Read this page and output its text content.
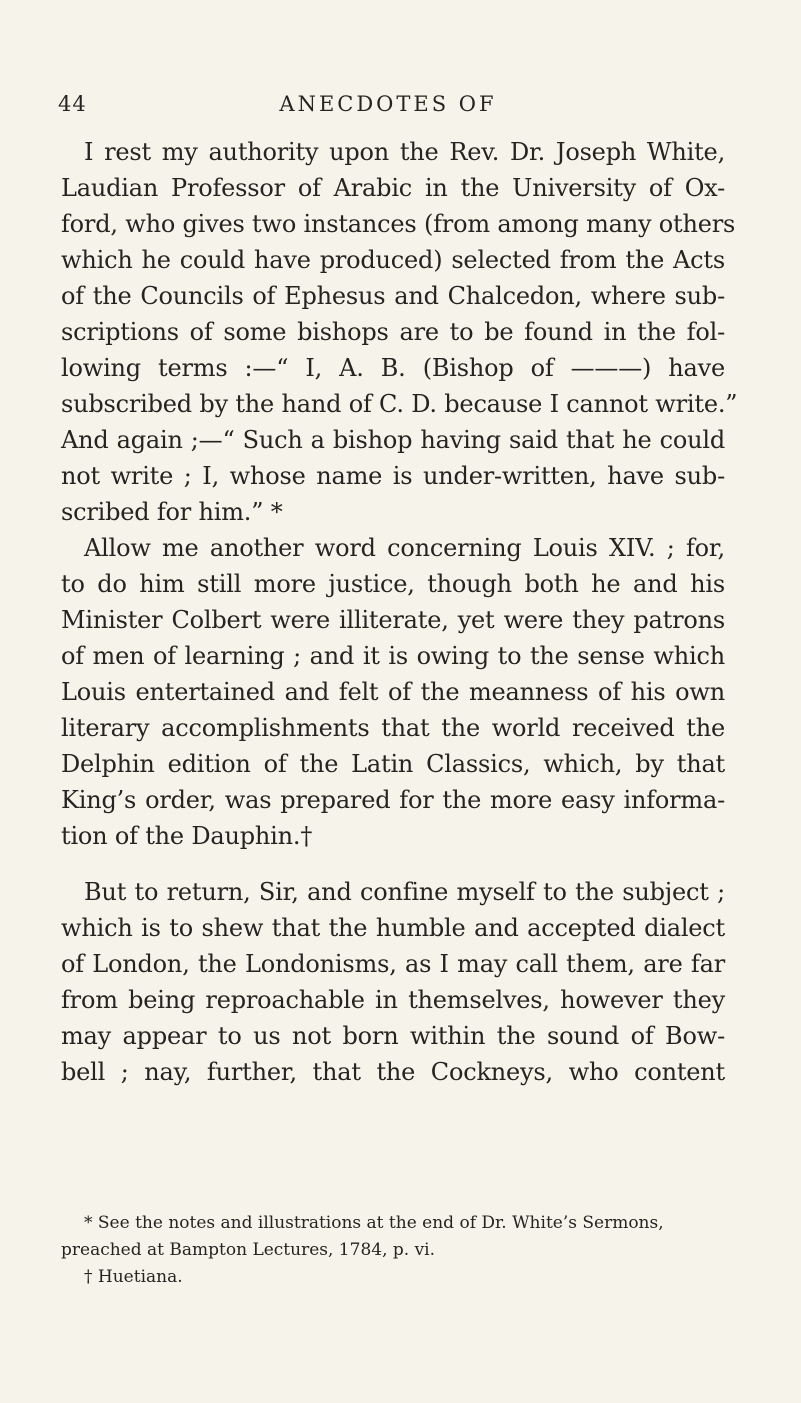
44	ANECDOTES OF
I rest my authority upon the Rev. Dr. Joseph White,
Laudian Professor of Arabic in the University of Ox-
ford, who gives two instances (from among many others
which he could have produced) selected from the Acts
of the Councils of Ephesus and Chalcedon, where sub-
scriptions of some bishops are to be found in the fol-
lowing terms :—“ I, A. B. (Bishop of ———) have
subscribed by the hand of C. D. because I cannot write.”
And again ;—“ Such a bishop having said that he could
not write ; I, whose name is under-written, have sub-
scribed for him.” *
Allow me another word concerning Louis XIV. ; for,
to do him still more justice, though both he and his
Minister Colbert were illiterate, yet were they patrons
of men of learning ; and it is owing to the sense which
Louis entertained and felt of the meanness of his own
literary accomplishments that the world received the
Delphin edition of the Latin Classics, which, by that
King’s order, was prepared for the more easy informa-
tion of the Dauphin.†
But to return, Sir, and confine myself to the subject ;
which is to shew that the humble and accepted dialect
of London, the Londonisms, as I may call them, are far
from being reproachable in themselves, however they
may appear to us not born within the sound of Bow-
bell ; nay, further, that the Cockneys, who content
* See the notes and illustrations at the end of Dr. White’s Sermons,
preached at Bampton Lectures, 1784, p. vi.
† Huetiana.
